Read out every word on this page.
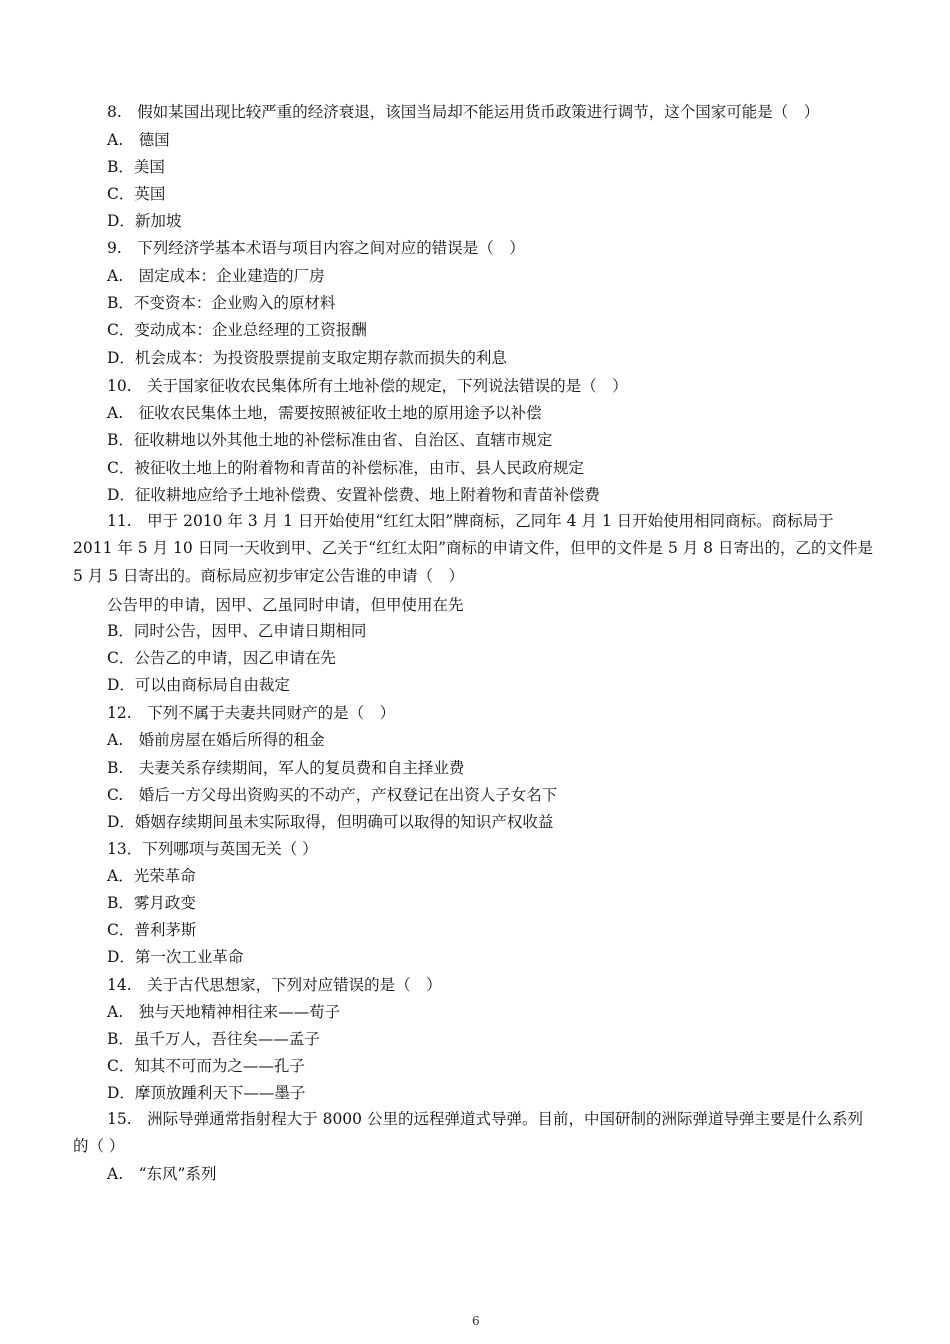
8.　假如某国出现比较严重的经济衰退，该国当局却不能运用货币政策进行调节，这个国家可能是（　）
A.　德国
B．美国
C．英国
D．新加坡
9.　下列经济学基本术语与项目内容之间对应的错误是（　）
A.　固定成本：企业建造的厂房
B．不变资本：企业购入的原材料
C．变动成本：企业总经理的工资报酬
D．机会成本：为投资股票提前支取定期存款而损失的利息
10.　关于国家征收农民集体所有土地补偿的规定，下列说法错误的是（　）
A.　征收农民集体土地，需要按照被征收土地的原用途予以补偿
B．征收耕地以外其他土地的补偿标准由省、自治区、直辖市规定
C．被征收土地上的附着物和青苗的补偿标准，由市、县人民政府规定
D．征收耕地应给予土地补偿费、安置补偿费、地上附着物和青苗补偿费
11.　甲于 2010 年 3 月 1 日开始使用“红红太阳”牌商标，乙同年 4 月 1 日开始使用相同商标。商标局于 2011 年 5 月 10 日同一天收到甲、乙关于“红红太阳”商标的申请文件，但甲的文件是 5 月 8 日寄出的，乙的文件是 5 月 5 日寄出的。商标局应初步审定公告谁的申请（　）
公告甲的申请，因甲、乙虽同时申请，但甲使用在先
B．同时公告，因甲、乙申请日期相同
C．公告乙的申请，因乙申请在先
D．可以由商标局自由裁定
12.　下列不属于夫妻共同财产的是（　）
A.　婚前房屋在婚后所得的租金
B.　夫妻关系存续期间，军人的复员费和自主择业费
C.　婚后一方父母出资购买的不动产，产权登记在出资人子女名下
D．婚姻存续期间虽未实际取得，但明确可以取得的知识产权收益
13．下列哪项与英国无关（ ）
A．光荣革命
B．雾月政变
C．普利茅斯
D．第一次工业革命
14.　关于古代思想家，下列对应错误的是（　）
A.　独与天地精神相往来——荀子
B．虽千万人，吾往矣——孟子
C．知其不可而为之——孔子
D．摩顶放踵利天下——墨子
15.　洲际导弹通常指射程大于 8000 公里的远程弹道式导弹。目前，中国研制的洲际弹道导弹主要是什么系列的（ ）
A.　“东风”系列
6
